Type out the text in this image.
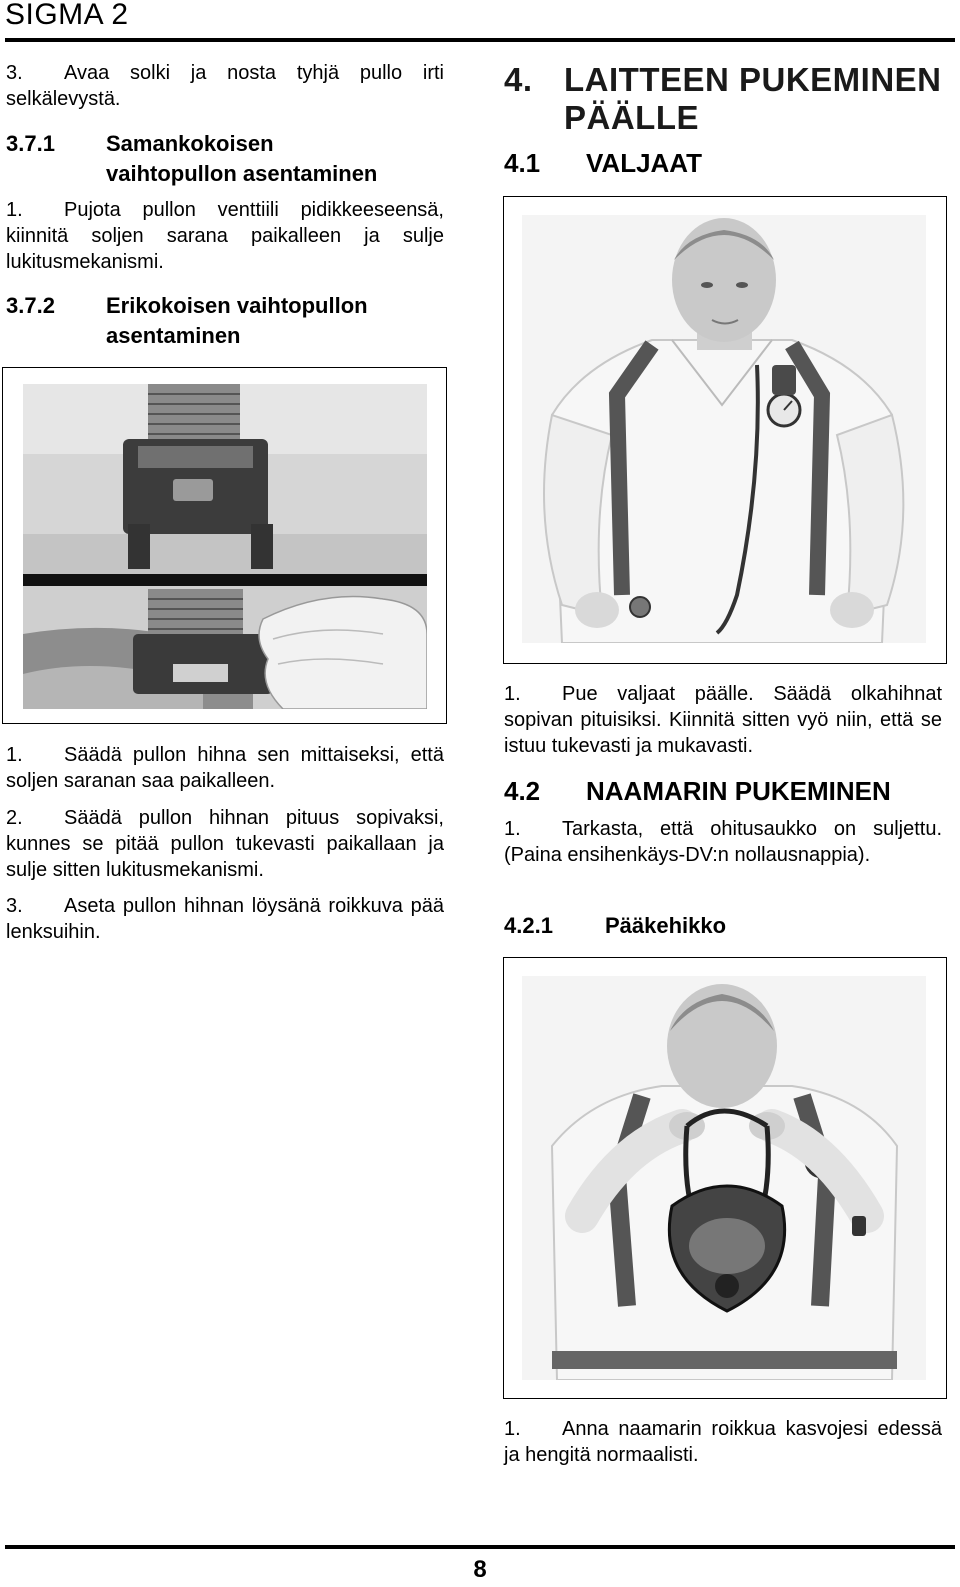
SIGMA 2
3. Avaa solki ja nosta tyhjä pullo irti selkälevystä.
3.7.1 Samankokoisen
vaihtopullon asentaminen
1. Pujota pullon venttiili pidikkeeseensä, kiinnitä soljen sarana paikalleen ja sulje lukitusmekanismi.
3.7.2 Erikokoisen vaihtopullon
asentaminen
1. Säädä pullon hihna sen mittaiseksi, että soljen saranan saa paikalleen.
2. Säädä pullon hihnan pituus sopivaksi, kunnes se pitää pullon tukevasti paikallaan ja sulje sitten lukitusmekanismi.
3. Aseta pullon hihnan löysänä roikkuva pää lenksuihin.
4. LAITTEEN PUKEMINEN
PÄÄLLE
4.1 VALJAAT
1. Pue valjaat päälle. Säädä olkahihnat sopivan pituisiksi. Kiinnitä sitten vyö niin, että se istuu tukevasti ja mukavasti.
4.2 NAAMARIN PUKEMINEN
1. Tarkasta, että ohitusaukko on suljettu. (Paina ensihenkäys-DV:n nollausnappia).
4.2.1 Pääkehikko
1. Anna naamarin roikkua kasvojesi edessä ja hengitä normaalisti.
8
